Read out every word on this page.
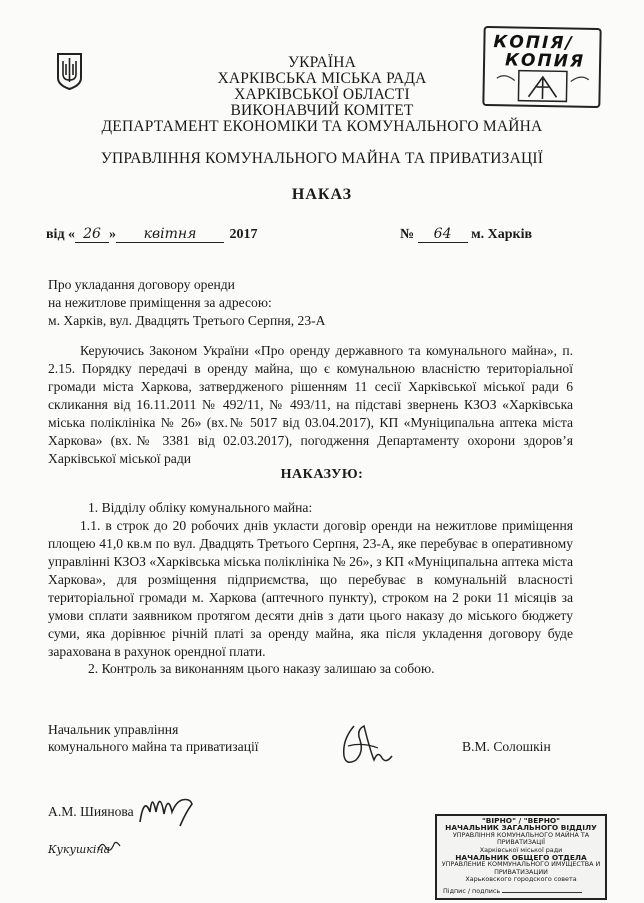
КОПІЯ/
КОПИЯ
УКРАЇНА
ХАРКІВСЬКА МІСЬКА РАДА
ХАРКІВСЬКОЇ ОБЛАСТІ
ВИКОНАВЧИЙ КОМІТЕТ
ДЕПАРТАМЕНТ ЕКОНОМІКИ ТА КОМУНАЛЬНОГО МАЙНА
УПРАВЛІННЯ КОМУНАЛЬНОГО МАЙНА ТА ПРИВАТИЗАЦІЇ
НАКАЗ
від « 26 » квітня 2017	№ 64 м. Харків
Про укладання договору оренди
на нежитлове приміщення за адресою:
м. Харків, вул. Двадцять Третього Серпня, 23-А
Керуючись Законом України «Про оренду державного та комунального майна», п. 2.15. Порядку передачі в оренду майна, що є комунальною власністю територіальної громади міста Харкова, затвердженого рішенням 11 сесії Харківської міської ради 6 скликання від 16.11.2011 № 492/11, № 493/11, на підставі звернень КЗОЗ «Харківська міська поліклініка № 26» (вх.№ 5017 від 03.04.2017), КП «Муніципальна аптека міста Харкова» (вх.№ 3381 від 02.03.2017), погодження Департаменту охорони здоров’я Харківської міської ради
НАКАЗУЮ:
1. Відділу обліку комунального майна:
1.1. в строк до 20 робочих днів укласти договір оренди на нежитлове приміщення площею 41,0 кв.м по вул. Двадцять Третього Серпня, 23-А, яке перебуває в оперативному управлінні КЗОЗ «Харківська міська поліклініка № 26», з КП «Муніципальна аптека міста Харкова», для розміщення підприємства, що перебуває в комунальній власності територіальної громади м. Харкова (аптечного пункту), строком на 2 роки 11 місяців за умови сплати заявником протягом десяти днів з дати цього наказу до міського бюджету суми, яка дорівнює річній платі за оренду майна, яка після укладення договору буде зарахована в рахунок орендної плати.
2. Контроль за виконанням цього наказу залишаю за собою.
Начальник управління
комунального майна та приватизації	В.М. Солошкін
А.М. Шиянова
Кукушкіна
"ВІРНО" / "ВЕРНО"
НАЧАЛЬНИК ЗАГАЛЬНОГО ВІДДІЛУ
УПРАВЛІННЯ КОМУНАЛЬНОГО МАЙНА ТА ПРИВАТИЗАЦІЇ
Харківської міської ради
НАЧАЛЬНИК ОБЩЕГО ОТДЕЛА
УПРАВЛЕНИЕ КОММУНАЛЬНОГО ИМУЩЕСТВА И ПРИВАТИЗАЦИИ
Харьковского городского совета
Підпис / подпись
